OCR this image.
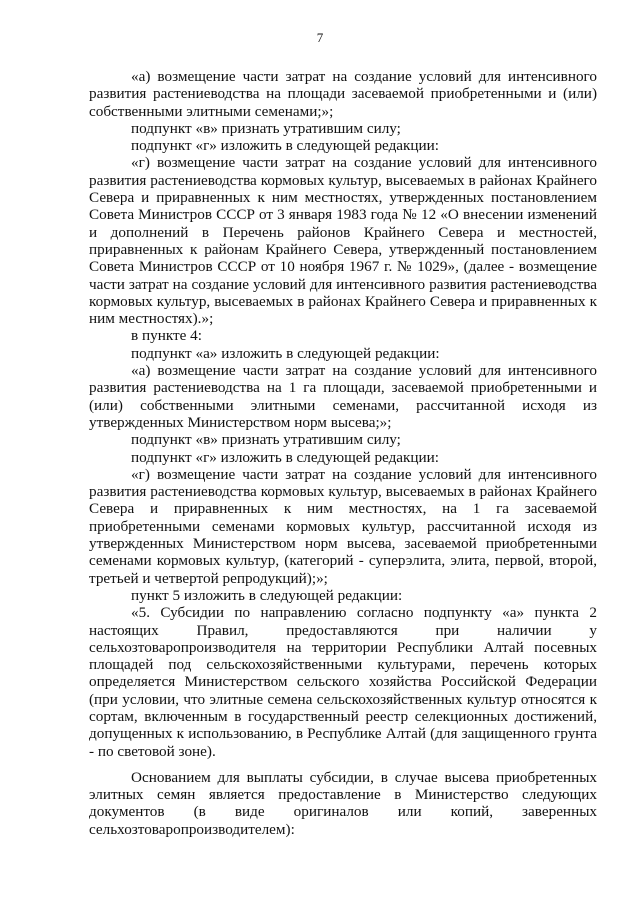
7

«а) возмещение части затрат на создание условий для интенсивного развития растениеводства на площади засеваемой приобретенными и (или) собственными элитными семенами;»;

подпункт «в» признать утратившим силу;

подпункт «г» изложить в следующей редакции:

«г) возмещение части затрат на создание условий для интенсивного развития растениеводства кормовых культур, высеваемых в районах Крайнего Севера и приравненных к ним местностях, утвержденных постановлением Совета Министров СССР от 3 января 1983 года № 12 «О внесении изменений и дополнений в Перечень районов Крайнего Севера и местностей, приравненных к районам Крайнего Севера, утвержденный постановлением Совета Министров СССР от 10 ноября 1967 г. № 1029», (далее - возмещение части затрат на создание условий для интенсивного развития растениеводства кормовых культур, высеваемых в районах Крайнего Севера и приравненных к ним местностях).»;

в пункте 4:

подпункт «а» изложить в следующей редакции:

«а) возмещение части затрат на создание условий для интенсивного развития растениеводства на 1 га площади, засеваемой приобретенными и (или) собственными элитными семенами, рассчитанной исходя из утвержденных Министерством норм высева;»;

подпункт «в» признать утратившим силу;

подпункт «г» изложить в следующей редакции:

«г) возмещение части затрат на создание условий для интенсивного развития растениеводства кормовых культур, высеваемых в районах Крайнего Севера и приравненных к ним местностях, на 1 га засеваемой приобретенными семенами кормовых культур, рассчитанной исходя из утвержденных Министерством норм высева, засеваемой приобретенными семенами кормовых культур, (категорий - суперэлита, элита, первой, второй, третьей и четвертой репродукций);»;

пункт 5 изложить в следующей редакции:

«5. Субсидии по направлению согласно подпункту «а» пункта 2 настоящих Правил, предоставляются при наличии у сельхозтоваропроизводителя на территории Республики Алтай посевных площадей под сельскохозяйственными культурами, перечень которых определяется Министерством сельского хозяйства Российской Федерации (при условии, что элитные семена сельскохозяйственных культур относятся к сортам, включенным в государственный реестр селекционных достижений, допущенных к использованию, в Республике Алтай (для защищенного грунта - по световой зоне).

Основанием для выплаты субсидии, в случае высева приобретенных элитных семян является предоставление в Министерство следующих документов (в виде оригиналов или копий, заверенных сельхозтоваропроизводителем):
